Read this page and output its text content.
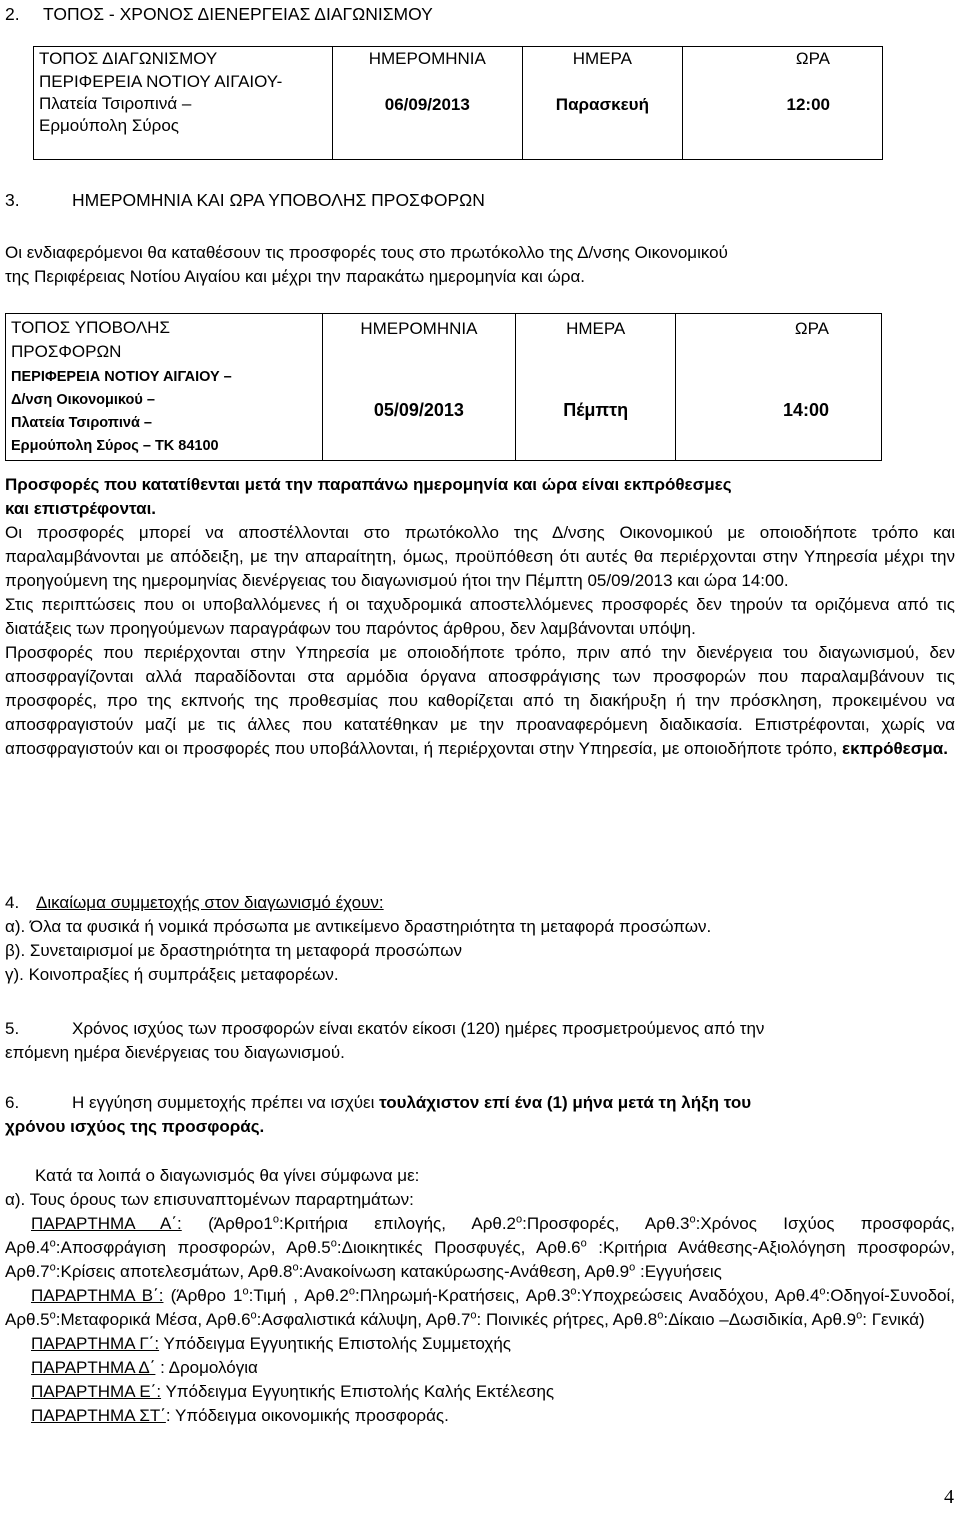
2. ΤΟΠΟΣ - ΧΡΟΝΟΣ ΔΙΕΝΕΡΓΕΙΑΣ ΔΙΑΓΩΝΙΣΜΟΥ
ΤΟΠΟΣ ΔΙΑΓΩΝΙΣΜΟΥ	ΗΜΕΡΟΜΗΝΙΑ	ΗΜΕΡΑ	ΩΡΑ

ΠΕΡΙΦΕΡΕΙΑ ΝΟΤΙΟΥ ΑΙΓΑΙΟΥ-
Πλατεία Τσιροπινά –
Ερμούπολη Σύρος	06/09/2013	Παρασκευή	12:00
3.	ΗΜΕΡΟΜΗΝΙΑ ΚΑΙ ΩΡΑ ΥΠΟΒΟΛΗΣ ΠΡΟΣΦΟΡΩΝ
Οι ενδιαφερόμενοι θα καταθέσουν τις προσφορές τους στο πρωτόκολλο της Δ/νσης Οικονομικού
της Περιφέρειας Νοτίου Αιγαίου και μέχρι την παρακάτω ημερομηνία και ώρα.
ΤΟΠΟΣ ΥΠΟΒΟΛΗΣ
ΠΡΟΣΦΟΡΩΝ	ΗΜΕΡΟΜΗΝΙΑ	ΗΜΕΡΑ	ΩΡΑ

ΠΕΡΙΦΕΡΕΙΑ ΝΟΤΙΟΥ ΑΙΓΑΙΟΥ –
Δ/νση Οικονομικού –
Πλατεία Τσιροπινά –
Ερμούπολη Σύρος – ΤΚ 84100	05/09/2013	Πέμπτη	14:00
Προσφορές που κατατίθενται μετά την παραπάνω ημερομηνία και ώρα είναι εκπρόθεσμες
και επιστρέφονται.

Οι προσφορές μπορεί να αποστέλλονται στο πρωτόκολλο της Δ/νσης Οικονομικού με οποιοδήποτε τρόπο και παραλαμβάνονται με απόδειξη, με την απαραίτητη, όμως, προϋπόθεση ότι αυτές θα περιέρχονται στην Υπηρεσία μέχρι την προηγούμενη της ημερομηνίας διενέργειας του διαγωνισμού ήτοι την Πέμπτη 05/09/2013 και ώρα 14:00.

Στις περιπτώσεις που οι υποβαλλόμενες ή οι ταχυδρομικά αποστελλόμενες προσφορές δεν τηρούν τα οριζόμενα από τις διατάξεις των προηγούμενων παραγράφων του παρόντος άρθρου, δεν λαμβάνονται υπόψη.

Προσφορές που περιέρχονται στην Υπηρεσία με οποιοδήποτε τρόπο, πριν από την διενέργεια του διαγωνισμού, δεν αποσφραγίζονται αλλά παραδίδονται στα αρμόδια όργανα αποσφράγισης των προσφορών που παραλαμβάνουν τις προσφορές, προ της εκπνοής της προθεσμίας που καθορίζεται από τη διακήρυξη ή την πρόσκληση, προκειμένου να αποσφραγιστούν μαζί με τις άλλες που κατατέθηκαν με την προαναφερόμενη διαδικασία. Επιστρέφονται, χωρίς να αποσφραγιστούν και οι προσφορές που υποβάλλονται, ή περιέρχονται στην Υπηρεσία, με οποιοδήποτε τρόπο, εκπρόθεσμα.

4. Δικαίωμα συμμετοχής στον διαγωνισμό έχουν:
α). Όλα τα φυσικά ή νομικά πρόσωπα με αντικείμενο δραστηριότητα τη μεταφορά προσώπων.
β). Συνεταιρισμοί με δραστηριότητα τη μεταφορά προσώπων
γ). Κοινοπραξίες ή συμπράξεις μεταφορέων.
5.	Χρόνος ισχύος των προσφορών είναι εκατόν είκοσι (120) ημέρες προσμετρούμενος από την
επόμενη ημέρα διενέργειας του διαγωνισμού.
6.	Η εγγύηση συμμετοχής πρέπει να ισχύει τουλάχιστον επί ένα (1) μήνα μετά τη λήξη του
χρόνου ισχύος της προσφοράς.
Κατά τα λοιπά ο διαγωνισμός θα γίνει σύμφωνα με:
α). Τους όρους των επισυναπτομένων παραρτημάτων:

ΠΑΡΑΡΤΗΜΑ Α΄: ($Ά\rho\theta\rho o1^o:K\rho\iota\tau ή\rho\iota\alpha$ επιλογής, $A\rho\theta.2^o:\Pi\rho o\sigma\varphi o\rho έ\varsigma$, $A\rho\theta.3^o:X\rho ό\nu o\varsigma$ Ισχύος προσφοράς, $A\rho\theta.4^o:A\pi o\sigma\varphi\rho ά\gamma\iota\sigma\eta$ προσφορών, $A\rho\theta.5^o:\Delta\iota o\iota\kappa\eta\tau\iota\kappa έ\varsigma$ Προσφυγές, $A\rho\theta.6^o$ :Κριτήρια Ανάθεσης-Αξιολόγηση προσφορών, $A\rho\theta.7^o:K\rho ί\sigma\varepsilon\iota\varsigma$ αποτελεσμάτων, $A\rho\theta.8^o:A\nu\alpha\kappa oί\nu\omega\sigma\eta$ κατακύρωσης-Ανάθεση, $A\rho\theta.9^o$ :Εγγυήσεις

ΠΑΡΑΡΤΗΜΑ Β΄: (Άρθρο $1^o:T\iota\mu ή$ , $A\rho\theta.2^o:\Pi\lambda\eta\rho\omega\mu ή$-Κρατήσεις, $A\rho\theta.3^o:\Upsilon\pi o\chi\rho\varepsilon ώ\sigma\varepsilon\iota\varsigma$ Αναδόχου, $A\rho\theta.4^o:O\delta\eta\gamma oί$-Συνοδοί, $A\rho\theta.5^o:M\varepsilon\tau\alpha\varphi o\rho\iota\kappa ά$ Μέσα, $A\rho\theta.6^o:A\sigma\varphi\alpha\lambda\iota\sigma\tau\iota\kappa ά$ κάλυψη, $A\rho\theta.7^o$: Ποινικές ρήτρες, $A\rho\theta.8^o:\Delta ί\kappa\alpha\iota o$ –Δωσιδικία, $A\rho\theta.9^o$: Γενικά)

ΠΑΡΑΡΤΗΜΑ Γ΄: Υπόδειγμα Εγγυητικής Επιστολής Συμμετοχής
ΠΑΡΑΡΤΗΜΑ Δ΄ : Δρομολόγια
ΠΑΡΑΡΤΗΜΑ Ε΄: Υπόδειγμα Εγγυητικής Επιστολής Καλής Εκτέλεσης
ΠΑΡΑΡΤΗΜΑ ΣΤ΄: Υπόδειγμα οικονομικής προσφοράς.
4
